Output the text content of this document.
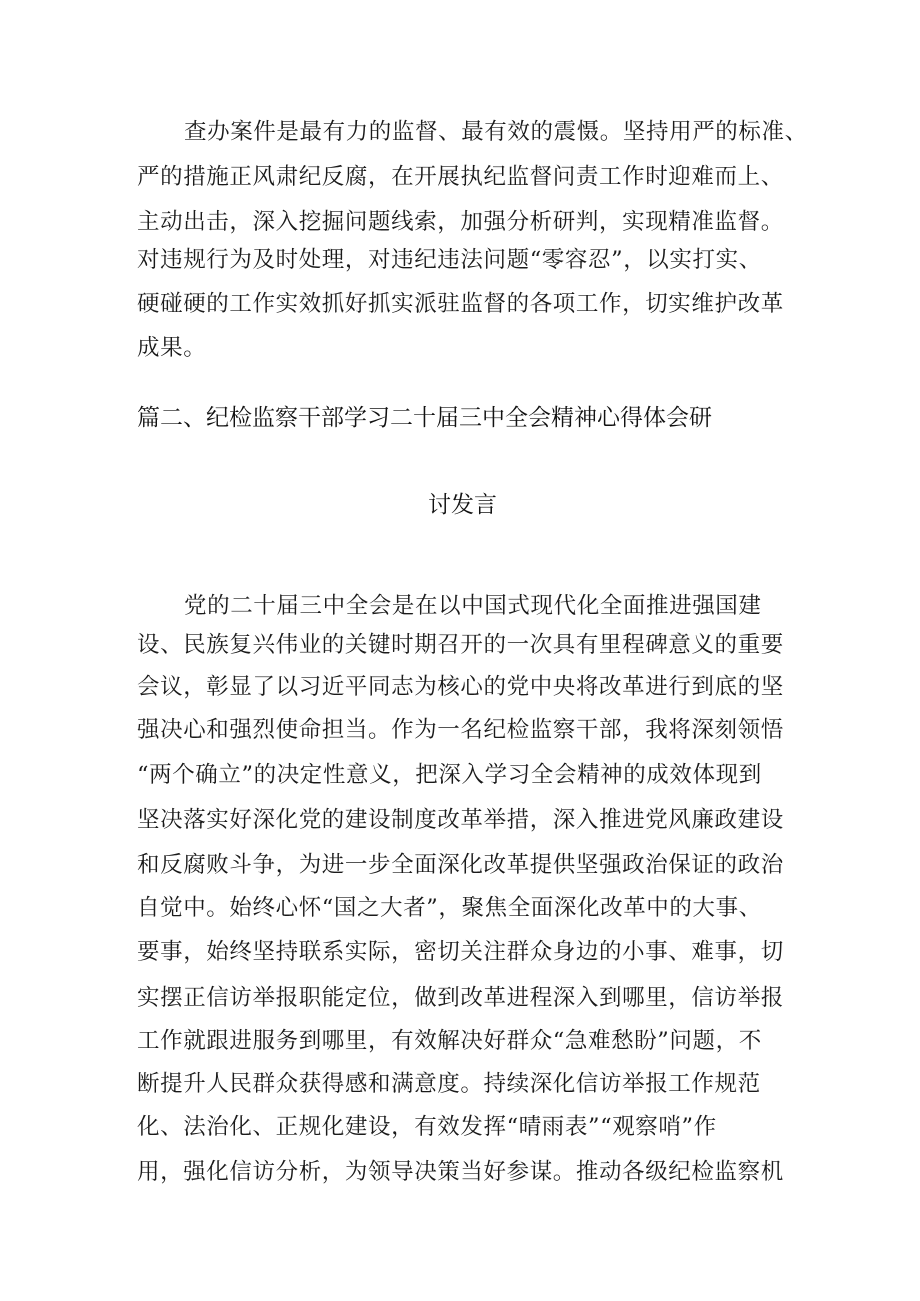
查办案件是最有力的监督、最有效的震慑。坚持用严的标准、
严的措施正风肃纪反腐，在开展执纪监督问责工作时迎难而上、
主动出击，深入挖掘问题线索，加强分析研判，实现精准监督。
对违规行为及时处理，对违纪违法问题“零容忍”，以实打实、
硬碰硬的工作实效抓好抓实派驻监督的各项工作，切实维护改革
成果。
篇二、纪检监察干部学习二十届三中全会精神心得体会研
讨发言
党的二十届三中全会是在以中国式现代化全面推进强国建
设、民族复兴伟业的关键时期召开的一次具有里程碑意义的重要
会议，彰显了以习近平同志为核心的党中央将改革进行到底的坚
强决心和强烈使命担当。作为一名纪检监察干部，我将深刻领悟
“两个确立”的决定性意义，把深入学习全会精神的成效体现到
坚决落实好深化党的建设制度改革举措，深入推进党风廉政建设
和反腐败斗争，为进一步全面深化改革提供坚强政治保证的政治
自觉中。始终心怀“国之大者”，聚焦全面深化改革中的大事、
要事，始终坚持联系实际，密切关注群众身边的小事、难事，切
实摆正信访举报职能定位，做到改革进程深入到哪里，信访举报
工作就跟进服务到哪里，有效解决好群众“急难愁盼”问题，不
断提升人民群众获得感和满意度。持续深化信访举报工作规范
化、法治化、正规化建设，有效发挥“晴雨表”“观察哨”作
用，强化信访分析，为领导决策当好参谋。推动各级纪检监察机
